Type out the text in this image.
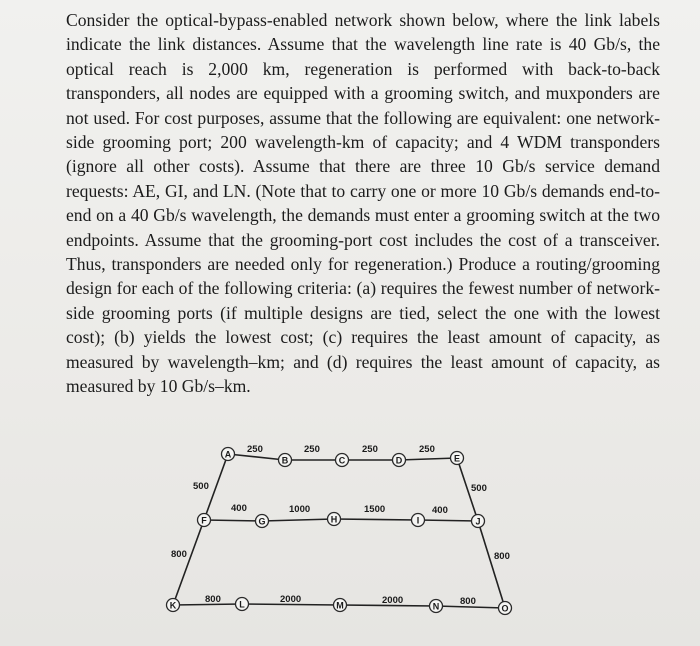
Consider the optical-bypass-enabled network shown below, where the link labels indicate the link distances. Assume that the wavelength line rate is 40 Gb/s, the optical reach is 2,000 km, regeneration is performed with back-to-back transponders, all nodes are equipped with a grooming switch, and muxponders are not used. For cost purposes, assume that the following are equivalent: one network-side grooming port; 200 wavelength-km of capacity; and 4 WDM transponders (ignore all other costs). Assume that there are three 10 Gb/s service demand requests: AE, GI, and LN. (Note that to carry one or more 10 Gb/s demands end-to-end on a 40 Gb/s wavelength, the demands must enter a grooming switch at the two endpoints. Assume that the grooming-port cost includes the cost of a transceiver. Thus, transponders are needed only for regeneration.) Produce a routing/grooming design for each of the following criteria: (a) requires the fewest number of network-side grooming ports (if multiple designs are tied, select the one with the lowest cost); (b) yields the lowest cost; (c) requires the least amount of capacity, as measured by wavelength–km; and (d) requires the least amount of capacity, as measured by 10 Gb/s–km.

250	250	250	250
500	500
400	1000	1500	400
800	800
800	2000	2000	800
A
B	C	D	E
F	G	H	I	J
K	L	M	N	O
